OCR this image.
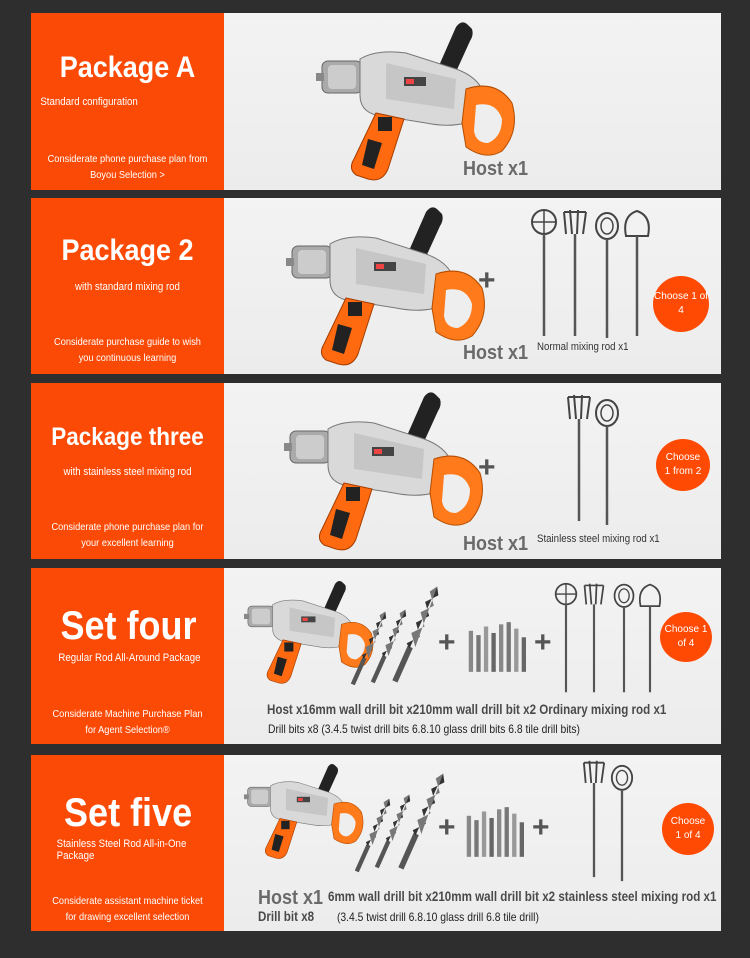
Package A
Standard configuration
Considerate phone purchase plan from Boyou Selection >	Host x1
Package 2
with standard mixing rod
Considerate purchase guide to wish you continuous learning	Host x1
+
Normal mixing rod x1
Choose 1 of 4
Package three
with stainless steel mixing rod
Considerate phone purchase plan for your excellent learning	Host x1
+
Stainless steel mixing rod x1
Choose 1 from 2
Set four
Regular Rod All-Around Package
Considerate Machine Purchase Plan for Agent Selection®
+	+	Choose 1 of 4
Host x16mm wall drill bit x210mm wall drill bit x2 Ordinary mixing rod x1
Drill bits x8 (3.4.5 twist drill bits 6.8.10 glass drill bits 6.8 tile drill bits)
Set five
Stainless Steel Rod All-in-One Package
Considerate assistant machine ticket for drawing excellent selection
Host x1
Drill bit x8
+	+	Choose 1 of 4
6mm wall drill bit x210mm wall drill bit x2 stainless steel mixing rod x1
(3.4.5 twist drill 6.8.10 glass drill 6.8 tile drill)
